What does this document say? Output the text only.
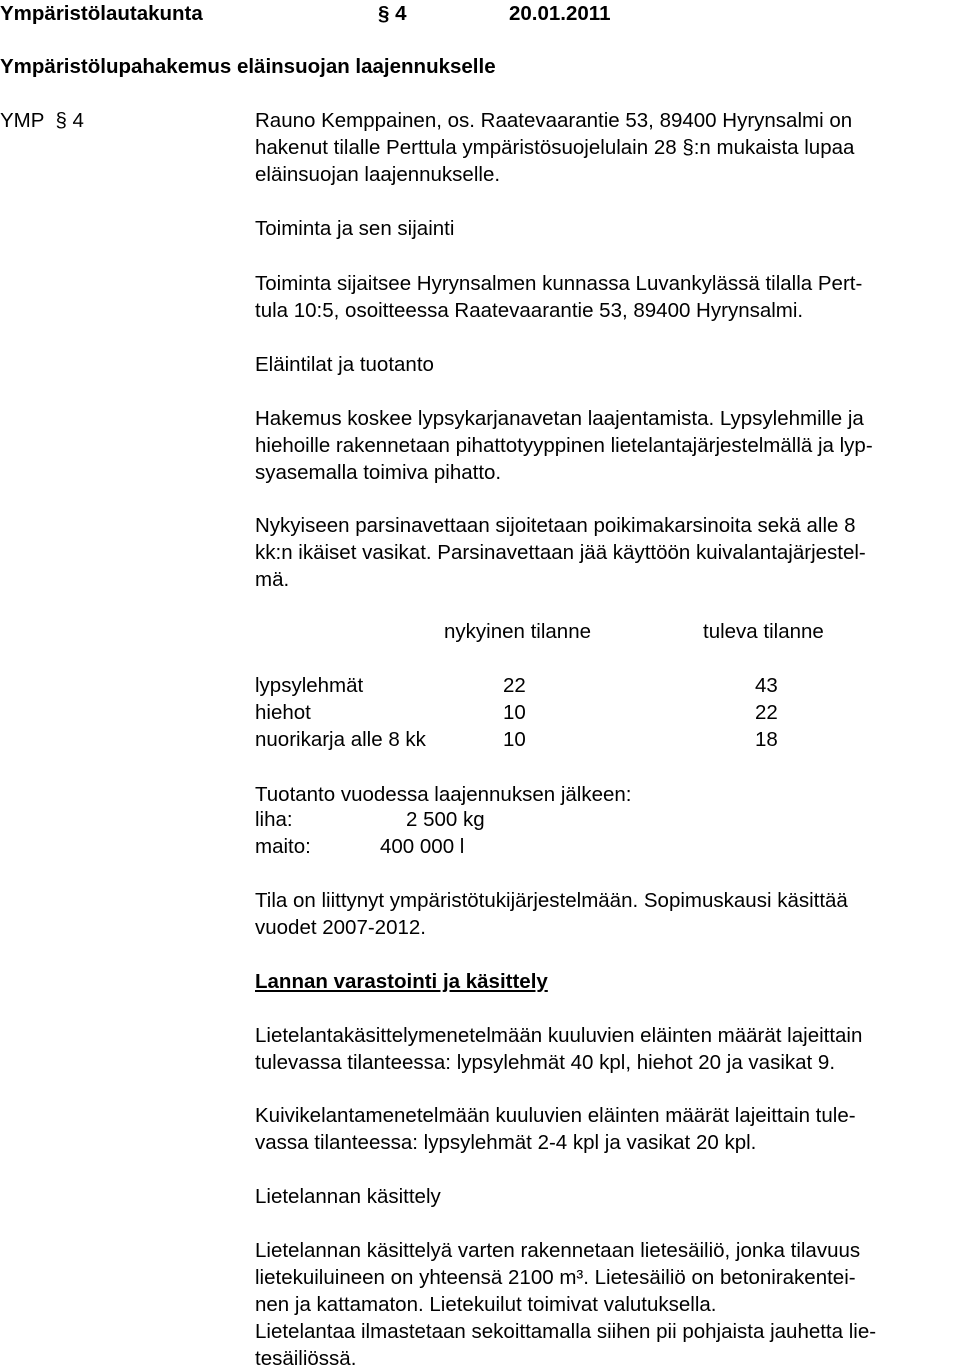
Ympäristölautakunta	§ 4	20.01.2011
Ympäristölupahakemus eläinsuojan laajennukselle
YMP  § 4	Rauno Kemppainen, os. Raatevaarantie 53, 89400 Hyrynsalmi on
hakenut tilalle Perttula ympäristösuojelulain 28 §:n mukaista lupaa
eläinsuojan laajennukselle.
Toiminta ja sen sijainti
Toiminta sijaitsee Hyrynsalmen kunnassa Luvankylässä tilalla Pert-
tula 10:5, osoitteessa Raatevaarantie 53, 89400 Hyrynsalmi.
Eläintilat ja tuotanto
Hakemus koskee lypsykarjanavetan laajentamista. Lypsylehmille ja
hiehoille rakennetaan pihattotyyppinen lietelantajärjestelmällä ja lyp-
syasemalla toimiva pihatto.
Nykyiseen parsinavettaan sijoitetaan poikimakarsinoita sekä alle 8
kk:n ikäiset vasikat. Parsinavettaan jää käyttöön kuivalantajärjestel-
mä.
nykyinen tilanne	tuleva tilanne
lypsylehmät	22	43
hiehot	10	22
nuorikarja alle 8 kk	10	18
Tuotanto vuodessa laajennuksen jälkeen:
liha:	2 500 kg
maito:	400 000 l
Tila on liittynyt ympäristötukijärjestelmään. Sopimuskausi käsittää
vuodet 2007-2012.
Lannan varastointi ja käsittely
Lietelantakäsittelymenetelmään kuuluvien eläinten määrät lajeittain
tulevassa tilanteessa: lypsylehmät 40 kpl, hiehot 20 ja vasikat 9.
Kuivikelantamenetelmään kuuluvien eläinten määrät lajeittain tule-
vassa tilanteessa: lypsylehmät 2-4 kpl ja vasikat 20 kpl.
Lietelannan käsittely
Lietelannan käsittelyä varten rakennetaan lietesäiliö, jonka tilavuus
lietekuiluineen on yhteensä 2100 m³. Lietesäiliö on betonirakentei-
nen ja kattamaton. Lietekuilut toimivat valutuksella.
Lietelantaa ilmastetaan sekoittamalla siihen pii pohjaista jauhetta lie-
tesäiliössä.
